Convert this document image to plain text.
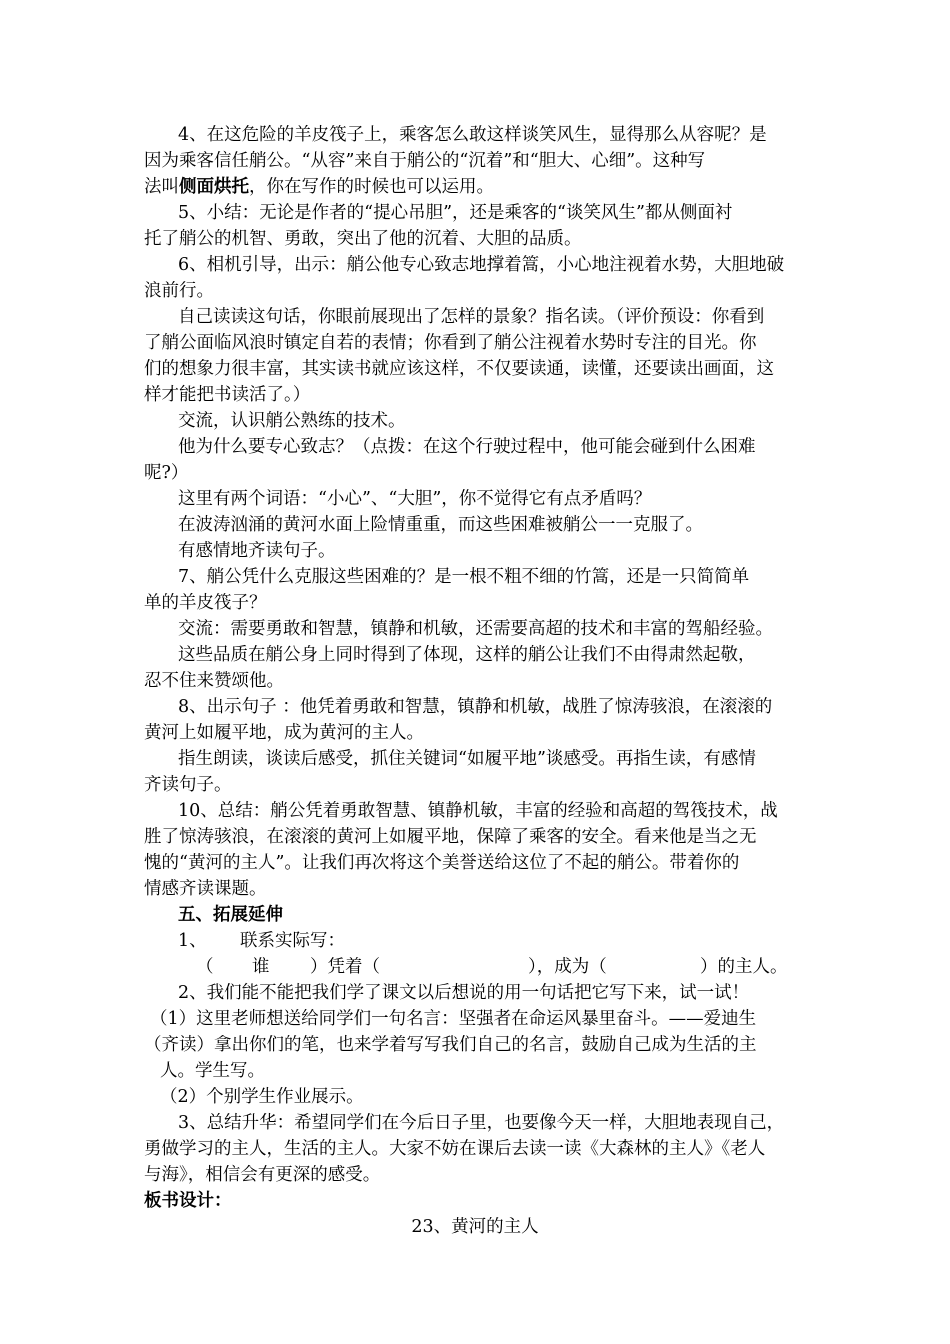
4、在这危险的羊皮筏子上，乘客怎么敢这样谈笑风生，显得那么从容呢？是
因为乘客信任艄公。“从容”来自于艄公的“沉着”和“胆大、心细”。这种写
法叫侧面烘托，你在写作的时候也可以运用。
5、小结：无论是作者的“提心吊胆”，还是乘客的“谈笑风生”都从侧面衬
托了艄公的机智、勇敢，突出了他的沉着、大胆的品质。
6、相机引导，出示：艄公他专心致志地撑着篙，小心地注视着水势，大胆地破
浪前行。
自己读读这句话，你眼前展现出了怎样的景象？指名读。（评价预设：你看到
了艄公面临风浪时镇定自若的表情；你看到了艄公注视着水势时专注的目光。你
们的想象力很丰富，其实读书就应该这样，不仅要读通，读懂，还要读出画面，这
样才能把书读活了。）
交流，认识艄公熟练的技术。
他为什么要专心致志？（点拨：在这个行驶过程中，他可能会碰到什么困难
呢?）
这里有两个词语：“小心”、“大胆”，你不觉得它有点矛盾吗？
在波涛汹涌的黄河水面上险情重重，而这些困难被艄公一一克服了。
有感情地齐读句子。
7、艄公凭什么克服这些困难的？是一根不粗不细的竹篙，还是一只简简单
单的羊皮筏子？
交流：需要勇敢和智慧，镇静和机敏，还需要高超的技术和丰富的驾船经验。
这些品质在艄公身上同时得到了体现，这样的艄公让我们不由得肃然起敬，
忍不住来赞颂他。
8、出示句子 ：他凭着勇敢和智慧，镇静和机敏，战胜了惊涛骇浪，在滚滚的
黄河上如履平地，成为黄河的主人。
指生朗读，谈读后感受，抓住关键词“如履平地”谈感受。再指生读，有感情
齐读句子。
10、总结：艄公凭着勇敢智慧、镇静机敏，丰富的经验和高超的驾筏技术，战
胜了惊涛骇浪，在滚滚的黄河上如履平地，保障了乘客的安全。看来他是当之无
愧的“黄河的主人”。让我们再次将这个美誉送给这位了不起的艄公。带着你的
情感齐读课题。
五、拓展延伸
1、 联系实际写：
（ 谁 ）凭着（	），成为（	）的主人。
2、我们能不能把我们学了课文以后想说的用一句话把它写下来，试一试！
（1）这里老师想送给同学们一句名言：坚强者在命运风暴里奋斗。——爱迪生
（齐读）拿出你们的笔，也来学着写写我们自己的名言，鼓励自己成为生活的主
人。学生写。
（2）个别学生作业展示。
3、总结升华：希望同学们在今后日子里，也要像今天一样，大胆地表现自己，
勇做学习的主人，生活的主人。大家不妨在课后去读一读《大森林的主人》《老人
与海》，相信会有更深的感受。
板书设计：
23、黄河的主人
